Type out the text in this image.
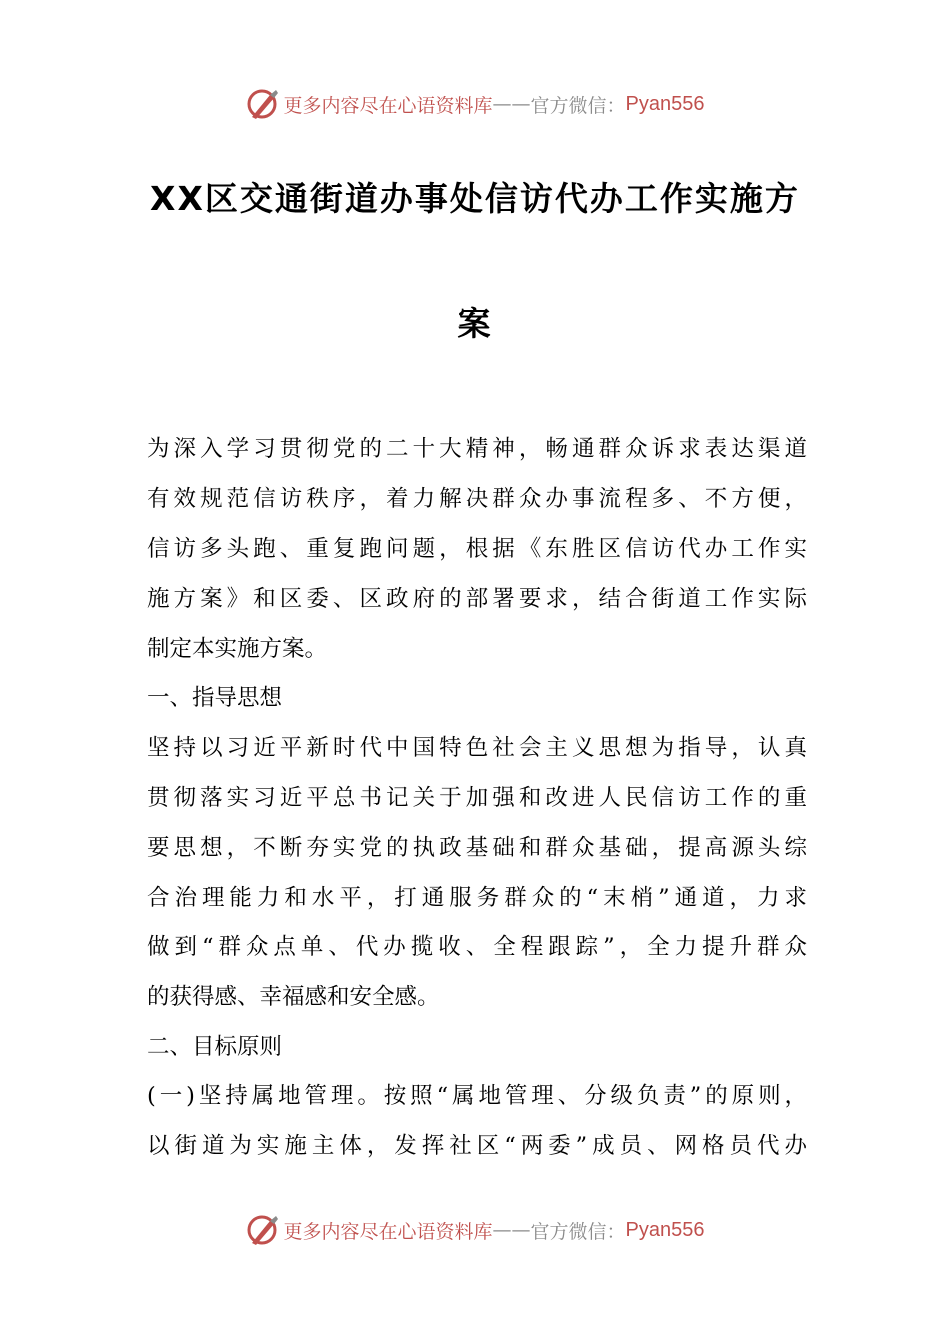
更多内容尽在心语资料库 —— 官方微信： Pyan556
XX区交通街道办事处信访代办工作实施方
案
为深入学习贯彻党的二十大精神，畅通群众诉求表达渠道
有效规范信访秩序，着力解决群众办事流程多、不方便，
信访多头跑、重复跑问题，根据《东胜区信访代办工作实
施方案》和区委、区政府的部署要求，结合街道工作实际
制定本实施方案。
一、指导思想
坚持以习近平新时代中国特色社会主义思想为指导，认真
贯彻落实习近平总书记关于加强和改进人民信访工作的重
要思想，不断夯实党的执政基础和群众基础，提高源头综
合治理能力和水平，打通服务群众的“末梢”通道，力求
做到“群众点单、代办揽收、全程跟踪”，全力提升群众
的获得感、幸福感和安全感。
二、目标原则
(一)坚持属地管理。按照“属地管理、分级负责”的原则，
以街道为实施主体，发挥社区“两委”成员、网格员代办
更多内容尽在心语资料库 —— 官方微信： Pyan556
